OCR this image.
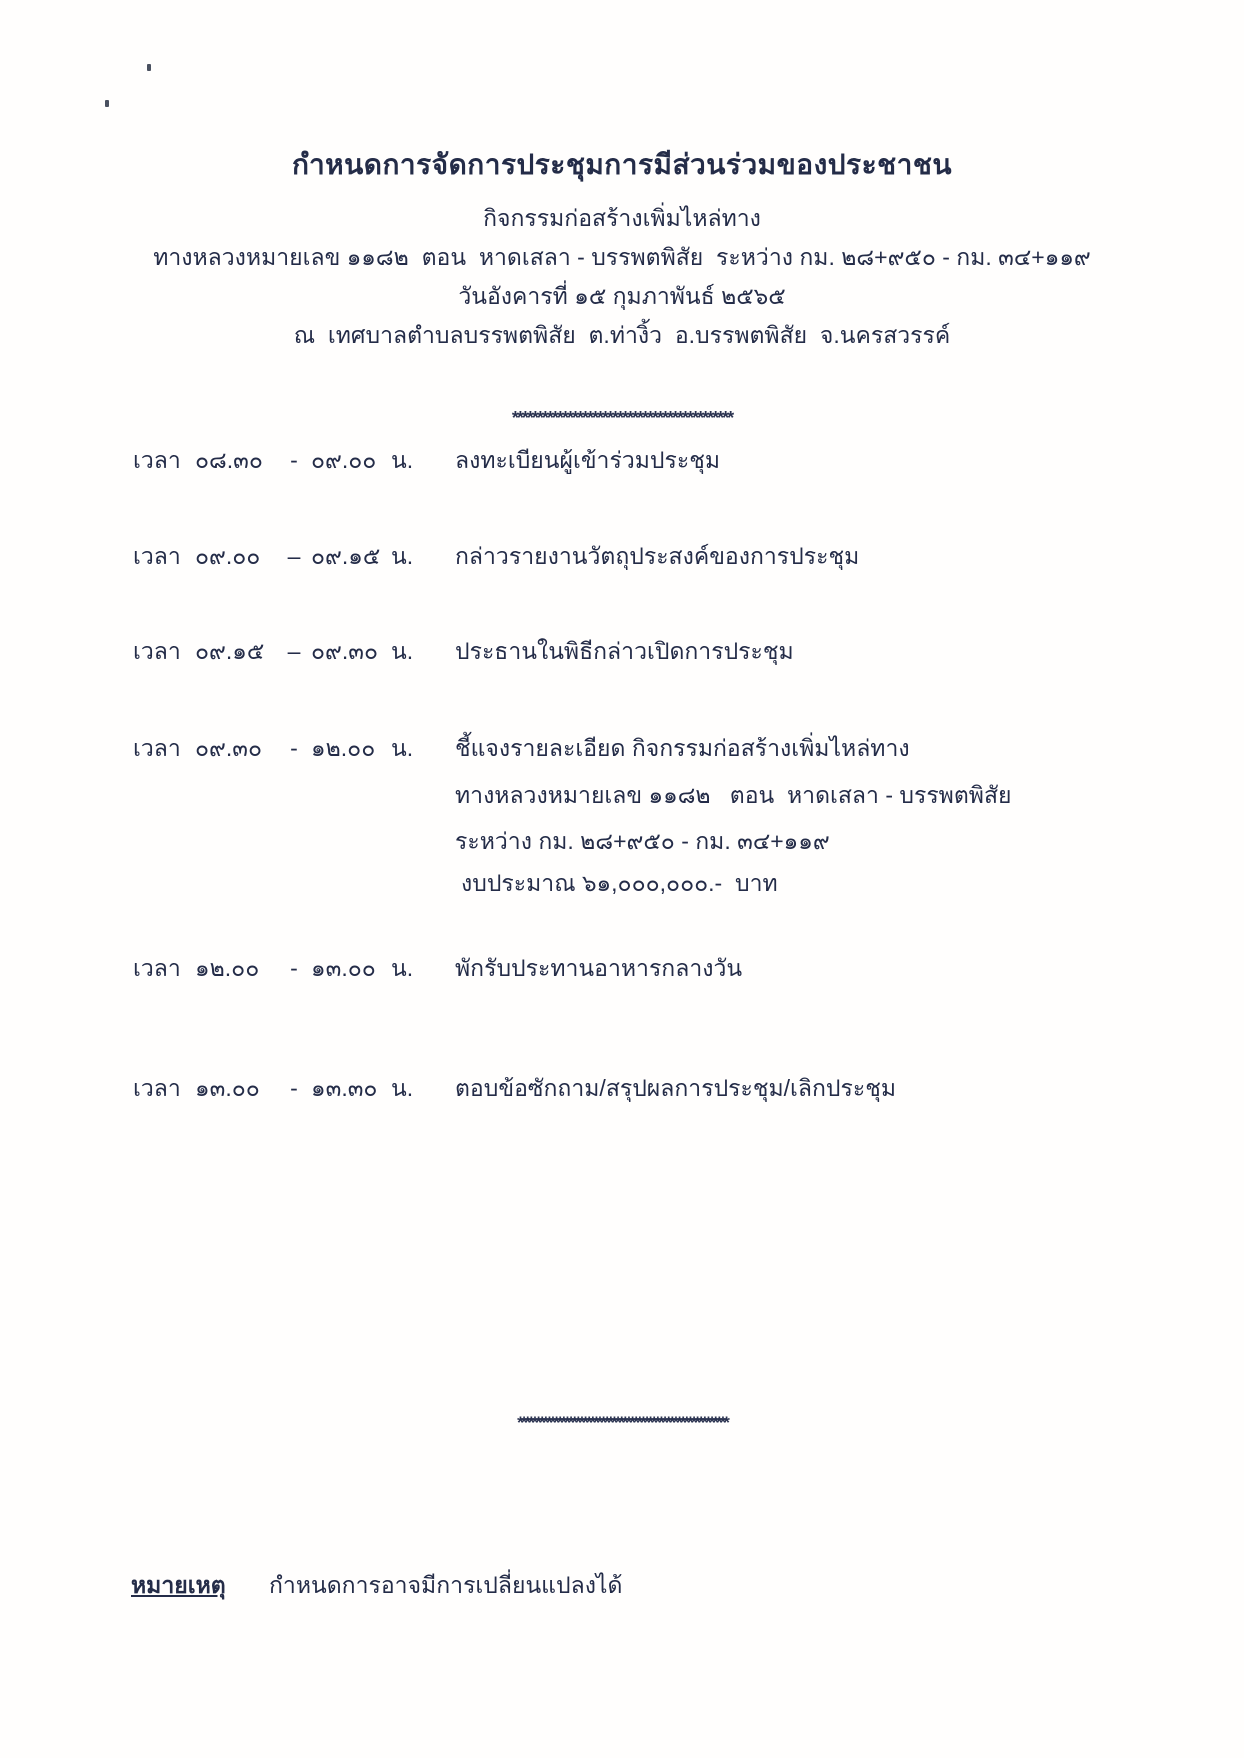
กำหนดการจัดการประชุมการมีส่วนร่วมของประชาชน
กิจกรรมก่อสร้างเพิ่มไหล่ทาง
ทางหลวงหมายเลข ๑๑๘๒  ตอน  หาดเสลา - บรรพตพิสัย  ระหว่าง กม. ๒๘+๙๕๐ - กม. ๓๔+๑๑๙
วันอังคารที่ ๑๕ กุมภาพันธ์ ๒๕๖๕
ณ  เทศบาลตำบลบรรพตพิสัย  ต.ท่างิ้ว  อ.บรรพตพิสัย  จ.นครสวรรค์
********************************************
เวลา ๐๘.๓๐ - ๐๙.๐๐ น. ลงทะเบียนผู้เข้าร่วมประชุม
เวลา ๐๙.๐๐ – ๐๙.๑๕ น. กล่าวรายงานวัตถุประสงค์ของการประชุม
เวลา ๐๙.๑๕ – ๐๙.๓๐ น. ประธานในพิธีกล่าวเปิดการประชุม
เวลา ๐๙.๓๐ - ๑๒.๐๐ น. ชี้แจงรายละเอียด กิจกรรมก่อสร้างเพิ่มไหล่ทาง
ทางหลวงหมายเลข ๑๑๘๒   ตอน  หาดเสลา - บรรพตพิสัย
ระหว่าง กม. ๒๘+๙๕๐ - กม. ๓๔+๑๑๙
งบประมาณ ๖๑,๐๐๐,๐๐๐.-  บาท
เวลา ๑๒.๐๐ - ๑๓.๐๐ น. พักรับประทานอาหารกลางวัน
เวลา ๑๓.๐๐ - ๑๓.๓๐ น. ตอบข้อซักถาม/สรุปผลการประชุม/เลิกประชุม
**********************************************************
หมายเหตุ กำหนดการอาจมีการเปลี่ยนแปลงได้
